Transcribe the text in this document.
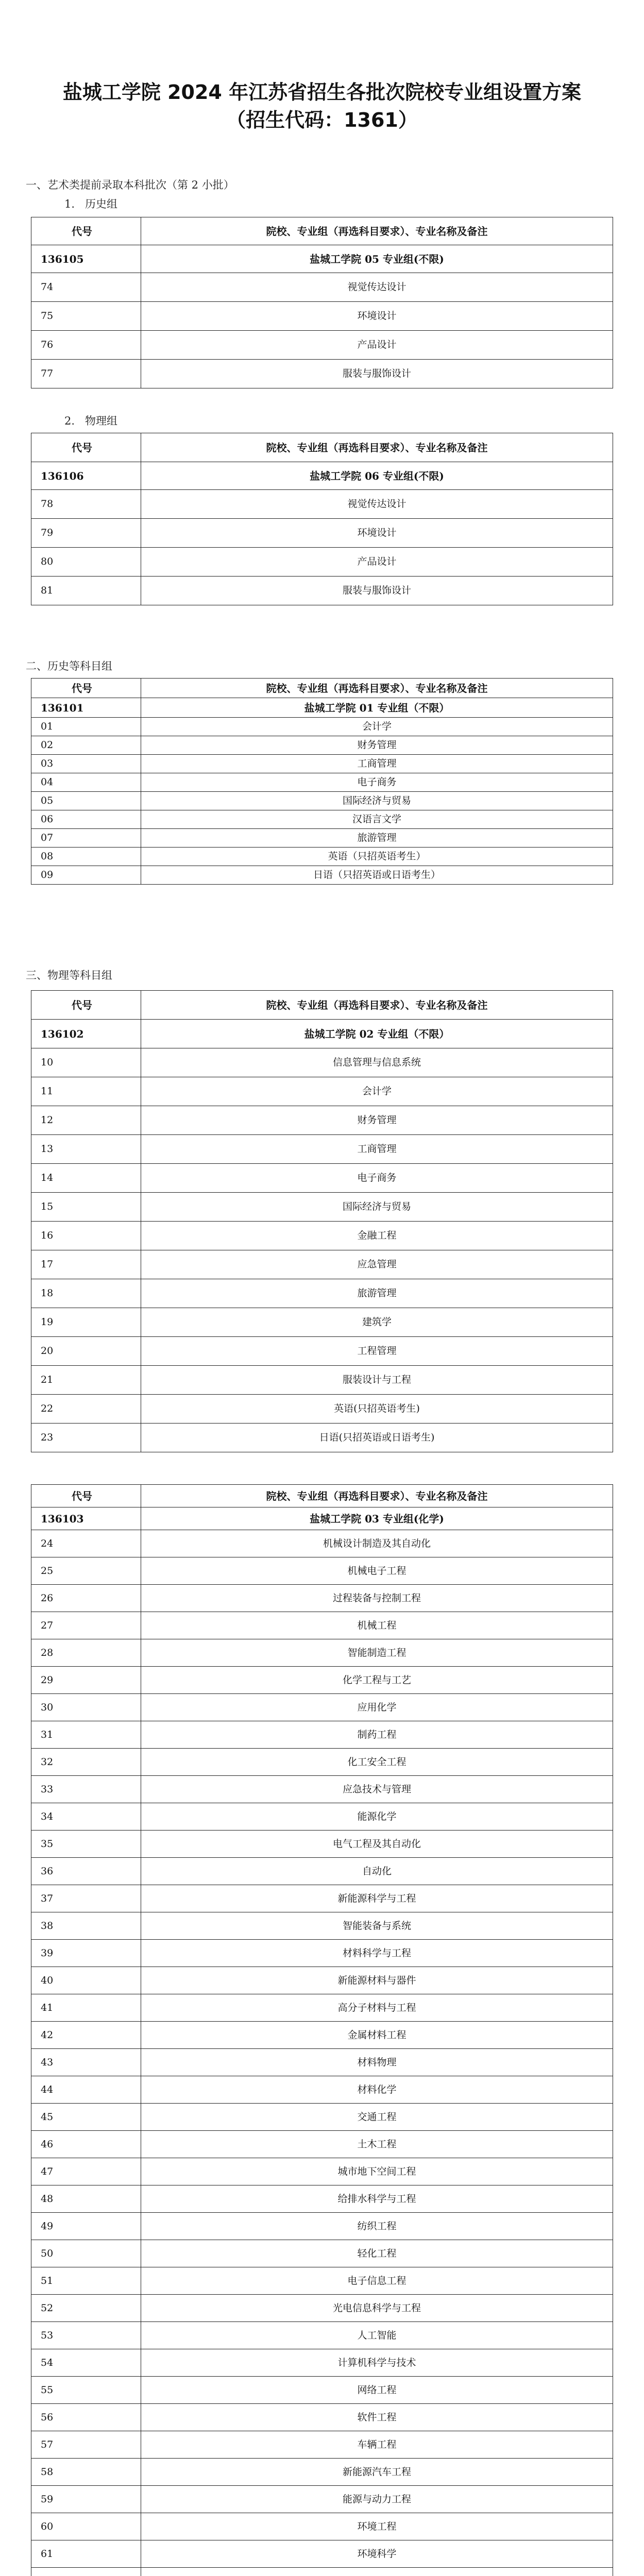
盐城工学院 2024 年江苏省招生各批次院校专业组设置方案
（招生代码：1361）
一、艺术类提前录取本科批次（第 2 小批）
1.   历史组
代号	院校、专业组（再选科目要求）、专业名称及备注
136105	盐城工学院 05 专业组(不限)
74	视觉传达设计
75	环境设计
76	产品设计
77	服装与服饰设计
2.   物理组
代号	院校、专业组（再选科目要求）、专业名称及备注
136106	盐城工学院 06 专业组(不限)
78	视觉传达设计
79	环境设计
80	产品设计
81	服装与服饰设计
二、历史等科目组
代号	院校、专业组（再选科目要求）、专业名称及备注
136101	盐城工学院 01 专业组（不限）
01	会计学
02	财务管理
03	工商管理
04	电子商务
05	国际经济与贸易
06	汉语言文学
07	旅游管理
08	英语（只招英语考生）
09	日语（只招英语或日语考生）
三、物理等科目组
代号	院校、专业组（再选科目要求）、专业名称及备注
136102	盐城工学院 02 专业组（不限）
10	信息管理与信息系统
11	会计学
12	财务管理
13	工商管理
14	电子商务
15	国际经济与贸易
16	金融工程
17	应急管理
18	旅游管理
19	建筑学
20	工程管理
21	服装设计与工程
22	英语(只招英语考生)
23	日语(只招英语或日语考生)
代号	院校、专业组（再选科目要求）、专业名称及备注
136103	盐城工学院 03 专业组(化学)
24	机械设计制造及其自动化
25	机械电子工程
26	过程装备与控制工程
27	机械工程
28	智能制造工程
29	化学工程与工艺
30	应用化学
31	制药工程
32	化工安全工程
33	应急技术与管理
34	能源化学
35	电气工程及其自动化
36	自动化
37	新能源科学与工程
38	智能装备与系统
39	材料科学与工程
40	新能源材料与器件
41	高分子材料与工程
42	金属材料工程
43	材料物理
44	材料化学
45	交通工程
46	土木工程
47	城市地下空间工程
48	给排水科学与工程
49	纺织工程
50	轻化工程
51	电子信息工程
52	光电信息科学与工程
53	人工智能
54	计算机科学与技术
55	网络工程
56	软件工程
57	车辆工程
58	新能源汽车工程
59	能源与动力工程
60	环境工程
61	环境科学
